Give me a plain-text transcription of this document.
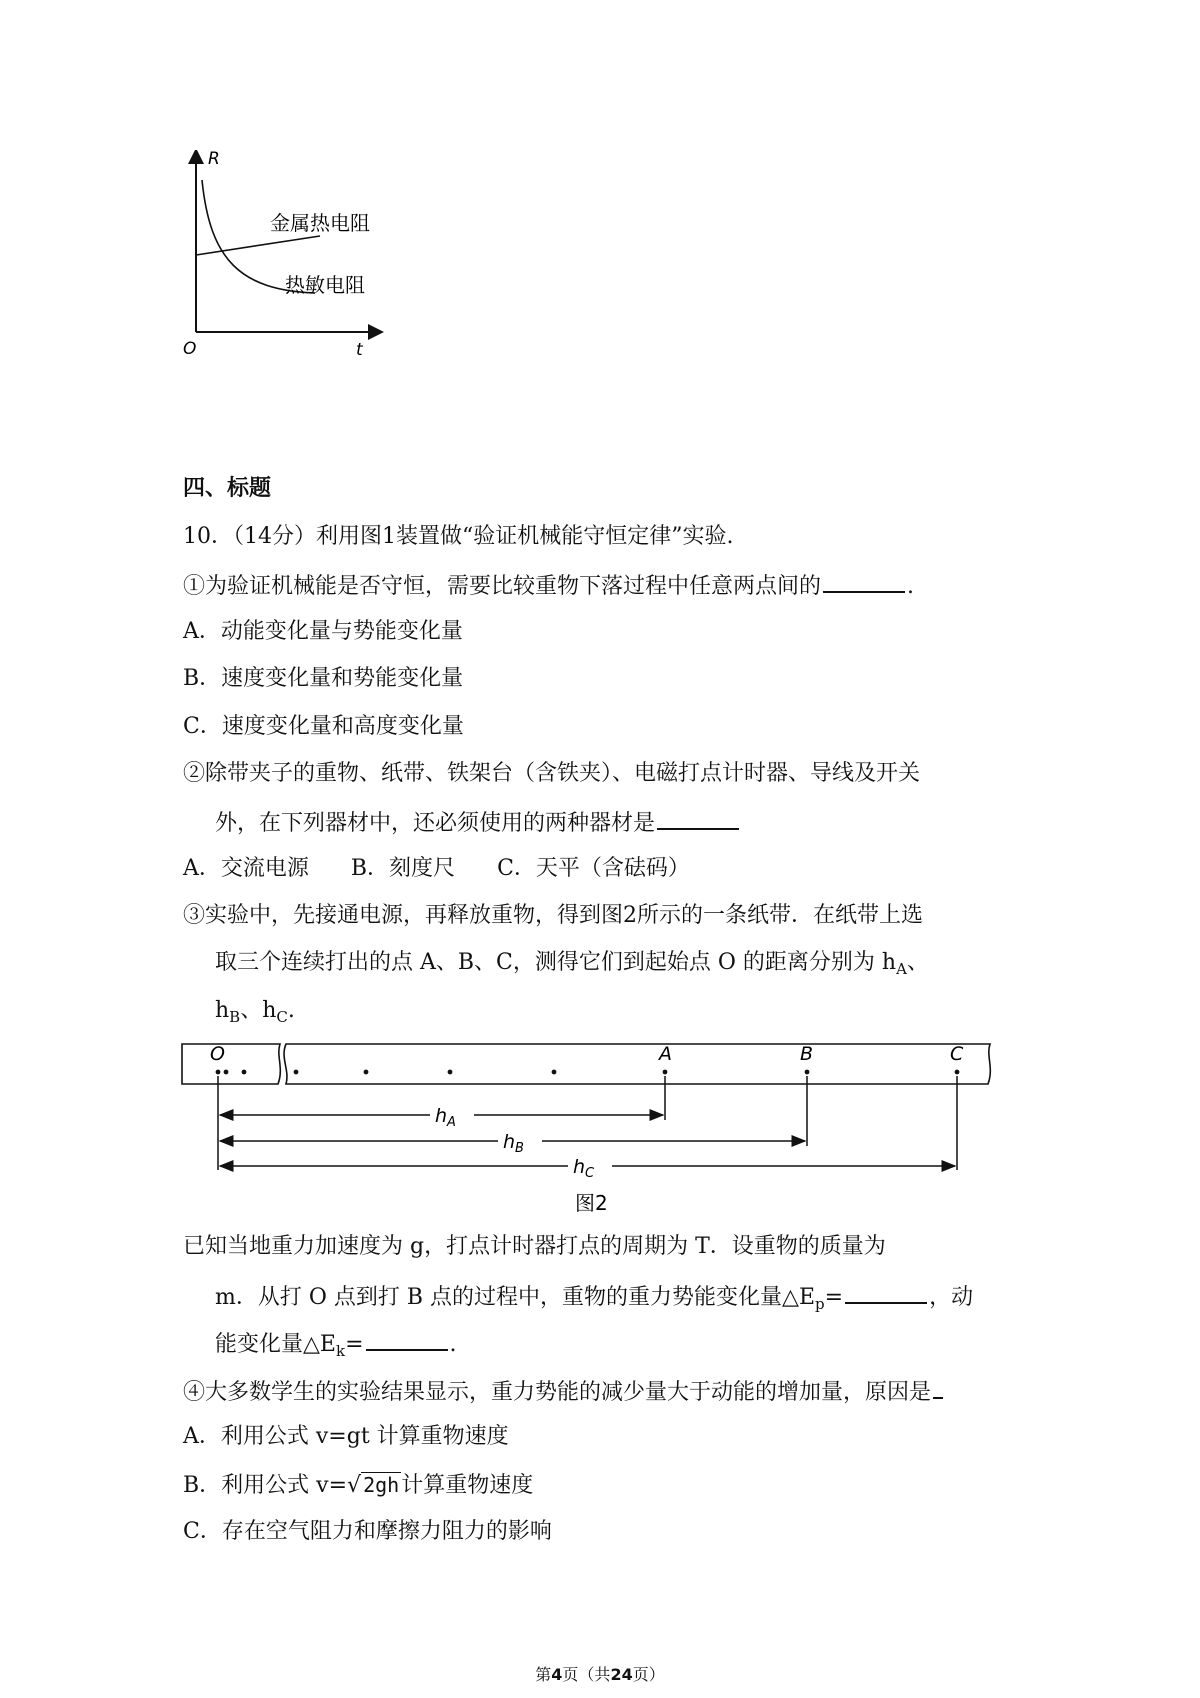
R
t
O
金属热电阻
热敏电阻
四、标题
10．（14分）利用图1装置做“验证机械能守恒定律”实验.
①为验证机械能是否守恒，需要比较重物下落过程中任意两点间的	.
A．动能变化量与势能变化量
B．速度变化量和势能变化量
C．速度变化量和高度变化量
②除带夹子的重物、纸带、铁架台（含铁夹）、电磁打点计时器、导线及开关
外，在下列器材中，还必须使用的两种器材是
A．交流电源 B．刻度尺 C．天平（含砝码）
③实验中，先接通电源，再释放重物，得到图2所示的一条纸带．在纸带上选
取三个连续打出的点 A、B、C，测得它们到起始点 O 的距离分别为 $h_A$、
$h_B$、$h_C$.
O	A	B	C
$h_A$
$h_B$
$h_C$
图2
已知当地重力加速度为 g，打点计时器打点的周期为 T．设重物的质量为
m．从打 O 点到打 B 点的过程中，重物的重力势能变化量$\triangle E_p=$	，动
能变化量$\triangle E_k=$	.
④大多数学生的实验结果显示，重力势能的减少量大于动能的增加量，原因是
A．利用公式 v=gt 计算重物速度
B．利用公式 v=√ 2gh计算重物速度
C．存在空气阻力和摩擦力阻力的影响
第4页（共24页）
